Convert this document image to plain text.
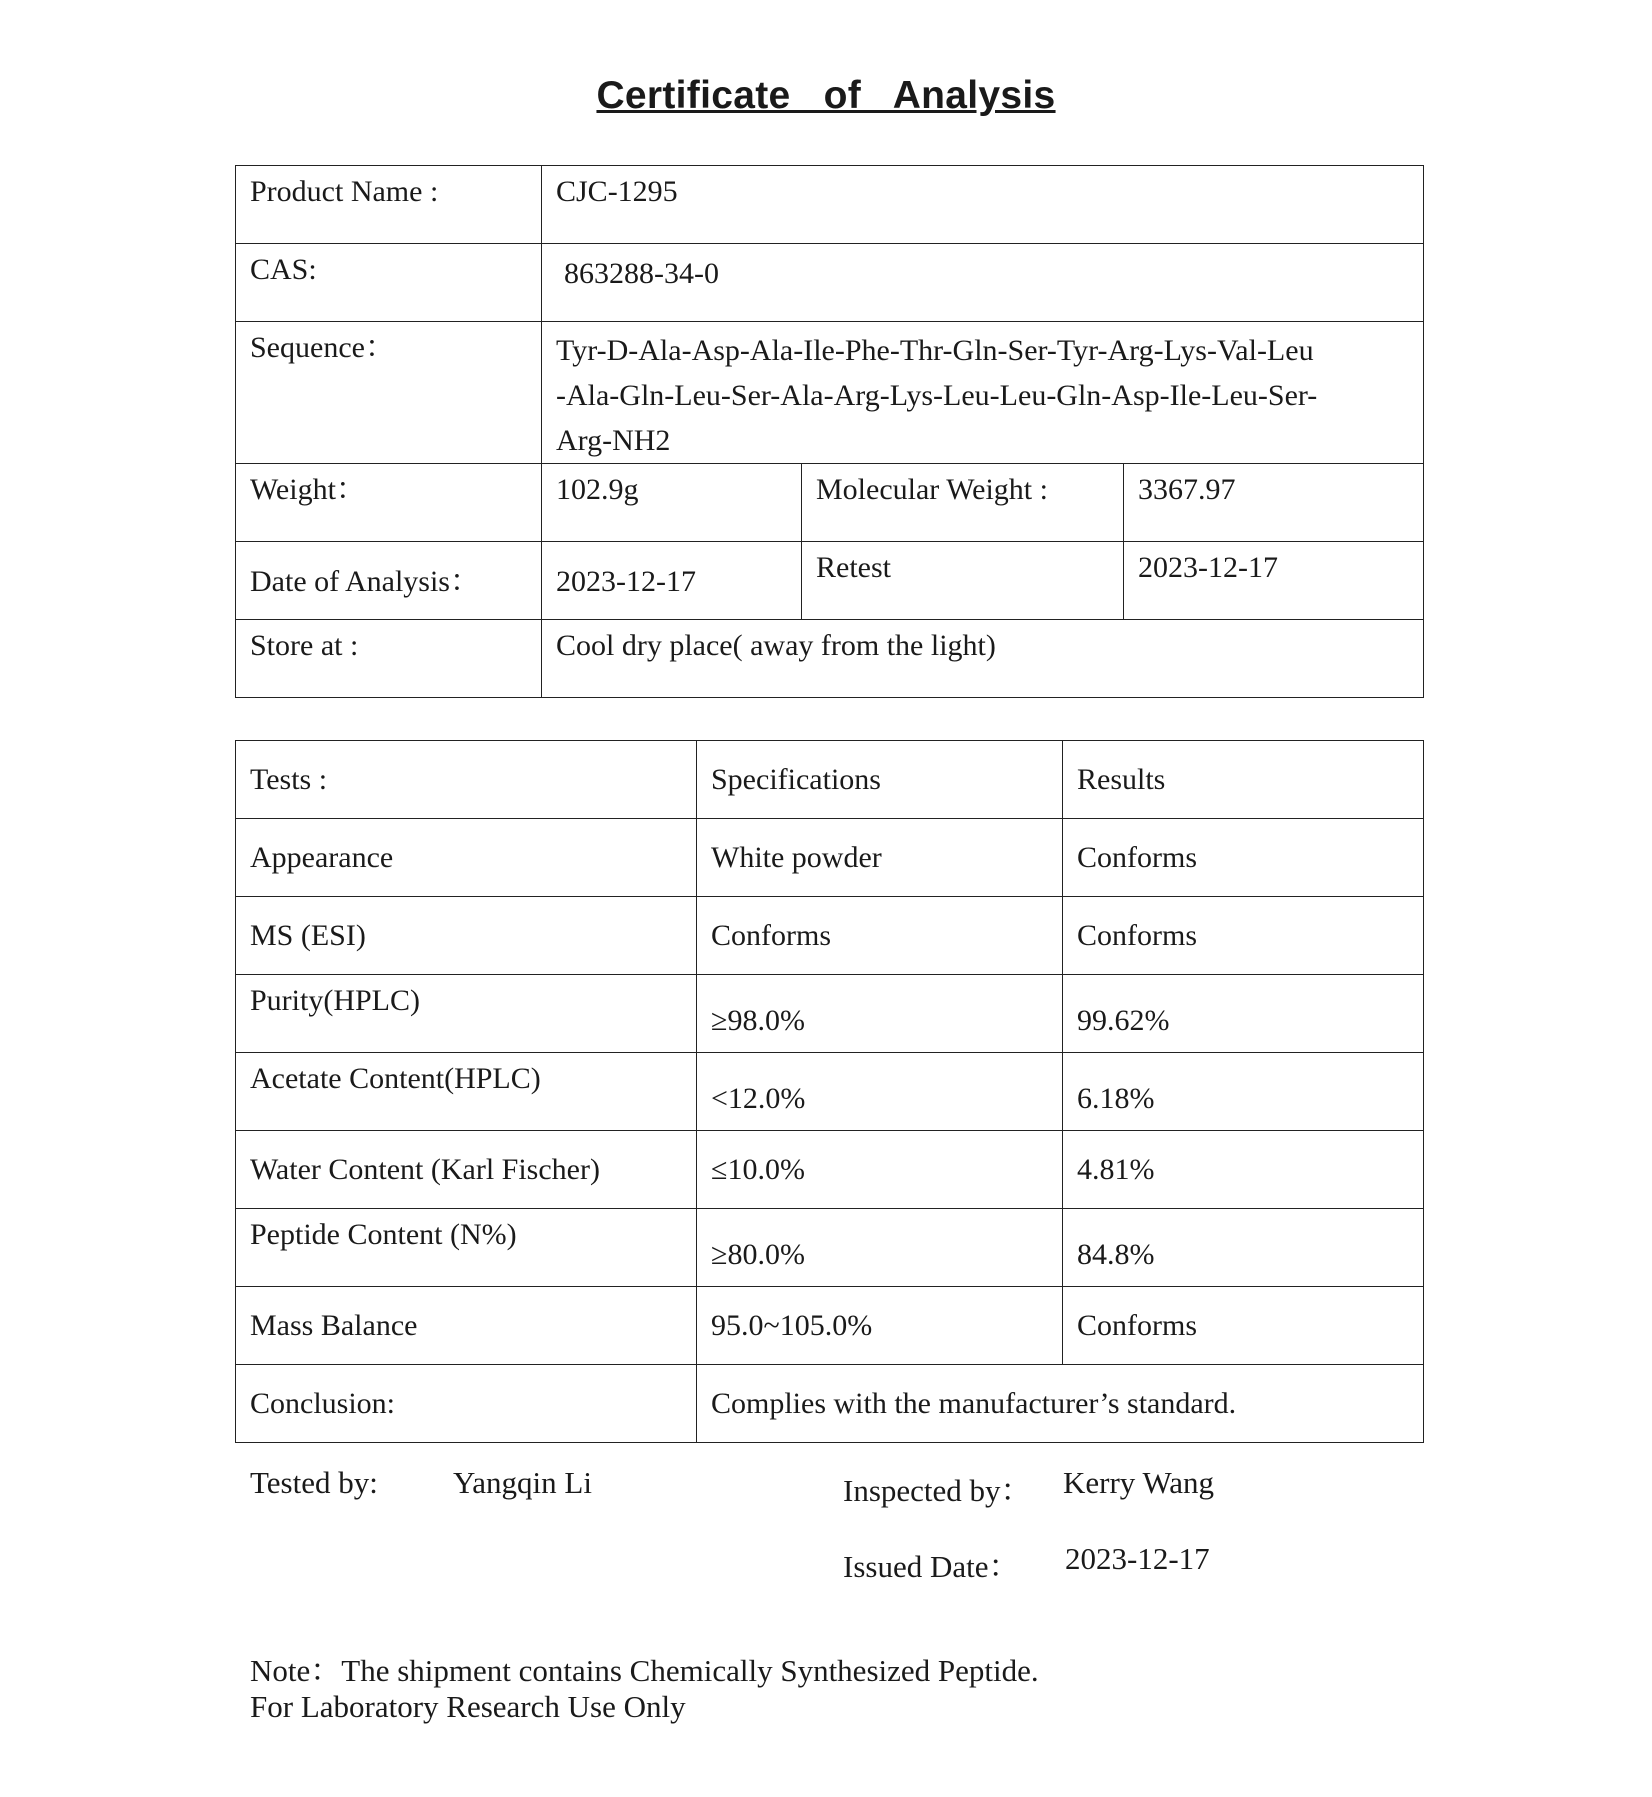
Certificate of Analysis
Product Name :	CJC-1295		
CAS:	863288-34-0		
Sequence：	Tyr-D-Ala-Asp-Ala-Ile-Phe-Thr-Gln-Ser-Tyr-Arg-Lys-Val-Leu
-Ala-Gln-Leu-Ser-Ala-Arg-Lys-Leu-Leu-Gln-Asp-Ile-Leu-Ser-
Arg-NH2		

Weight：	102.9g	Molecular Weight :	3367.97
Date of Analysis：	2023-12-17	Retest	2023-12-17
Store at :	Cool dry place( away from the light)		
Tests :	Specifications	Results
Appearance	White powder	Conforms
MS (ESI)	Conforms	Conforms
Purity(HPLC)	≥98.0%	99.62%
Acetate Content(HPLC)	<12.0%	6.18%
Water Content (Karl Fischer)	≤10.0%	4.81%
Peptide Content (N%)	≥80.0%	84.8%
Mass Balance	95.0~105.0%	Conforms
Conclusion:	Complies with the manufacturer’s standard.	
Tested by: Yangqin Li	Inspected by： Kerry Wang
Issued Date： 2023-12-17
Note：The shipment contains Chemically Synthesized Peptide.
For Laboratory Research Use Only
